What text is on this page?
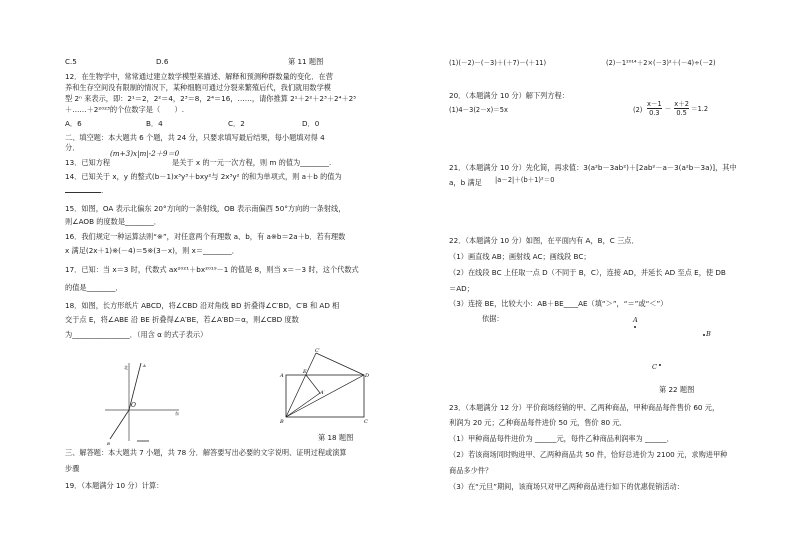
C.5	D.6	第 11 题图
12．在生物学中，常常通过建立数学模型来描述、解释和预测种群数量的变化．在营
养和生存空间没有限制的情况下，某种细胞可通过分裂来繁殖后代，我们就用数学模
型 2ⁿ 来表示，即：2¹＝2，2²＝4，2³＝8，2⁴＝16，……，请你推算 2¹＋2²＋2³＋2⁴＋2⁵
＋……＋2²⁰²³的个位数字是（　　）.
A．6	B．4	C．2	D．0
二、填空题：本大题共 6 个题，共 24 分，只要求填写最后结果，每小题填对得 4
分．
(m+3)x|m|-2＋9＝0
13．已知方程	是关于 x 的一元一次方程，则 m 的值为________.
14．已知关于 x，y 的整式(b－1)x³y³＋bxy²与 2x³y² 的和为单项式，则 a＋b 的值为
.
15．如图，OA 表示北偏东 20°方向的一条射线，OB 表示南偏西 50°方向的一条射线，
则∠AOB 的度数是________．
16．我们规定一种运算法则“※”，对任意两个有理数 a、b，有 a※b＝2a＋b．若有理数
x 满足(2x＋1)※(－4)＝5※(3－x)，则 x＝________．
17．已知：当 x＝3 时，代数式 ax²⁰²¹＋bx²⁰¹⁹－1 的值是 8，则当 x＝－3 时，这个代数式
的值是________．
18．如图，长方形纸片 ABCD，将∠CBD 沿对角线 BD 折叠得∠C′BD，C′B 和 AD 相
交于点 E，将∠ABE 沿 BE 折叠得∠A′BE，若∠A′BD＝α，则∠CBD 度数
为________________．（用含 α 的式子表示）
北
东
A
B
O
A
B	C
D
E
C′
A′
第 18 题图
三、解答题：本大题共 7 小题，共 78 分．解答要写出必要的文字说明、证明过程或演算
步骤
19．（本题满分 10 分）计算：
(1)(－2)－(－3)＋(＋7)－(＋11)	(2)－1²⁰¹⁴＋2×(－3)²＋(－4)÷(－2)
20．（本题满分 10 分）解下列方程：
(1)4－3(2－x)＝5x	$(2) \frac{x-1}{0.3} - \frac{x+2}{0.5} =1.2$
21．（本题满分 10 分）先化简，再求值：3(a²b－3ab²)＋[2ab²－a－3(a²b－3a)]，其中
a，b 满足 |a－2|＋(b＋1)²＝0
22．（本题满分 10 分）如图，在平面内有 A，B，C 三点．
（1）画直线 AB；画射线 AC；画线段 BC；
（2）在线段 BC 上任取一点 D（不同于 B，C），连接 AD，并延长 AD 至点 E，使 DB
＝AD；
（3）连接 BE，比较大小：AB＋BE____AE（填“＞”，“＝”或“＜”）
依据：	A
B
C
第 22 题图
23．（本题满分 12 分）平价商场经销的甲、乙两种商品，甲种商品每件售价 60 元，
利润为 20 元；乙种商品每件进价 50 元，售价 80 元．
（1）甲种商品每件进价为 ______元，每件乙种商品利润率为 ______．
（2）若该商场同时购进甲、乙两种商品共 50 件，恰好总进价为 2100 元，求购进甲种
商品多少件？
（3）在“元旦”期间，该商场只对甲乙两种商品进行如下的优惠促销活动：
